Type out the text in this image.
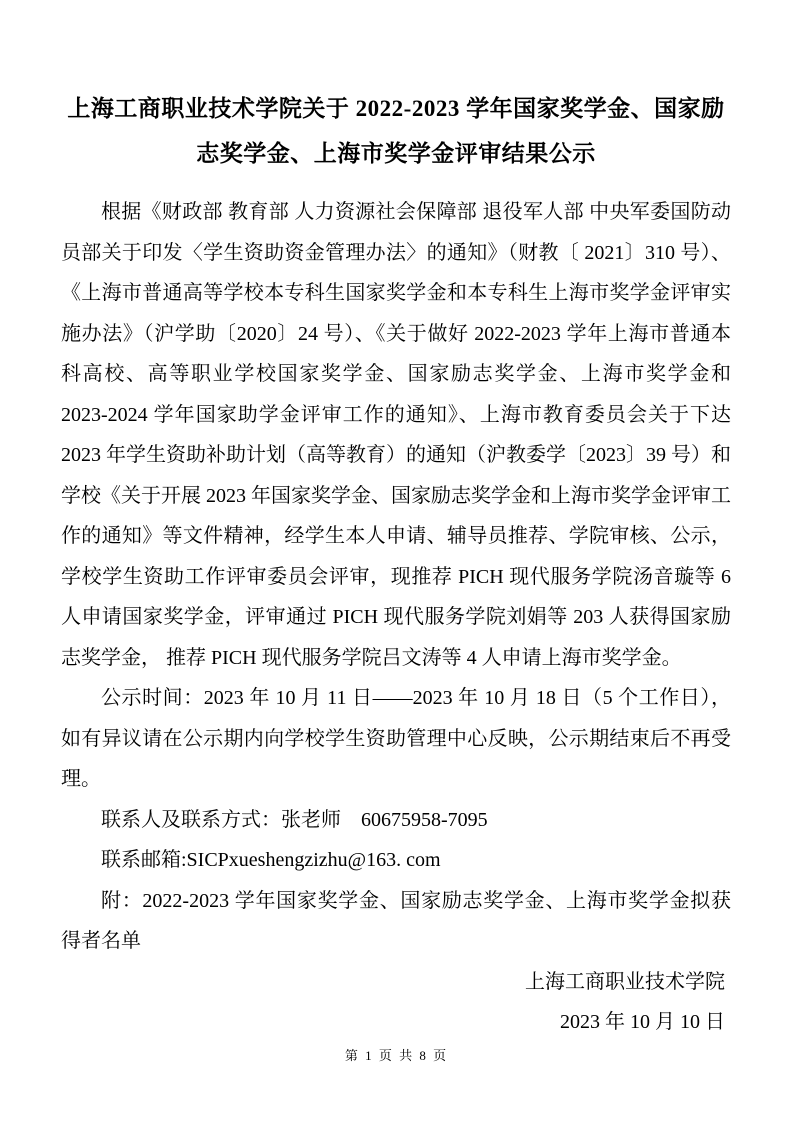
上海工商职业技术学院关于 2022-2023 学年国家奖学金、国家励志奖学金、上海市奖学金评审结果公示

根据《财政部 教育部 人力资源社会保障部 退役军人部 中央军委国防动员部关于印发〈学生资助资金管理办法〉的通知》（财教〔 2021〕310 号）、《上海市普通高等学校本专科生国家奖学金和本专科生上海市奖学金评审实施办法》（沪学助〔2020〕24 号）、《关于做好 2022-2023 学年上海市普通本科高校、高等职业学校国家奖学金、国家励志奖学金、上海市奖学金和 2023-2024 学年国家助学金评审工作的通知》、上海市教育委员会关于下达 2023 年学生资助补助计划（高等教育）的通知（沪教委学〔2023〕39 号）和学校《关于开展 2023 年国家奖学金、国家励志奖学金和上海市奖学金评审工作的通知》等文件精神，经学生本人申请、辅导员推荐、学院审核、公示，学校学生资助工作评审委员会评审，现推荐 PICH 现代服务学院汤音璇等 6 人申请国家奖学金，评审通过 PICH 现代服务学院刘娟等 203 人获得国家励志奖学金， 推荐 PICH 现代服务学院吕文涛等 4 人申请上海市奖学金。

公示时间：2023 年 10 月 11 日——2023 年 10 月 18 日（5 个工作日），如有异议请在公示期内向学校学生资助管理中心反映，公示期结束后不再受理。

联系人及联系方式：张老师　60675958-7095

联系邮箱:SICPxueshengzizhu@163. com

附：2022-2023 学年国家奖学金、国家励志奖学金、上海市奖学金拟获得者名单

上海工商职业技术学院

2023 年 10 月 10 日

第 1 页 共 8 页
